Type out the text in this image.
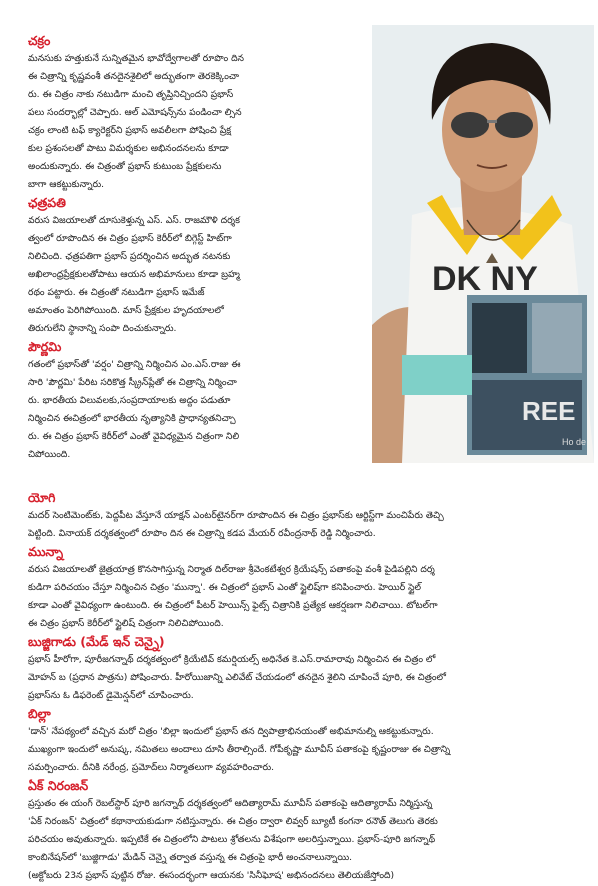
DK NY
REE
Ho de
చక్రం
మనసుకు హత్తుకునే సున్నితమైన భావోద్వేగాలతో రూపొం దిన
ఈ చిత్రాన్ని కృష్ణవంశీ తనదైనశైలిలో అద్భుతంగా తెరకెక్కించా
రు. ఈ చిత్రం నాకు నటుడిగా మంచి తృప్తినిచ్చిందని ప్రభాస్
పలు సందర్భాల్లో చెప్పారు. ఆల్ ఎమోషన్స్‌ను పండించా ల్సిన
చక్రం లాంటి టఫ్ క్యారెక్టర్‌ని ప్రభాస్ అవలీలగా పోషించి ప్రేక్ష
కుల ప్రశంసలతో పాటు విమర్శకుల అభినందనలను కూడా
అందుకున్నారు. ఈ చిత్రంతో ప్రభాస్ కుటుంబ ప్రేక్షకులను
బాగా ఆకట్టుకున్నారు.
ఛత్రపతి
వరుస విజయాలతో దూసుకెళ్తున్న ఎస్. ఎస్. రాజమౌళి దర్శక
త్వంలో రూపొందిన ఈ చిత్రం ప్రభాస్ కెరీర్‌లో బిగ్గెస్ట్ హిట్‌గా
నిలిచింది. ఛత్రపతిగా ప్రభాస్ ప్రదర్శించిన అద్భుత నటనకు
అఖిలాంధ్రప్రేక్షకులతోపాటు ఆయన అభిమానులు కూడా బ్రహ్మ
రథం పట్టారు. ఈ చిత్రంతో నటుడిగా ప్రభాస్ ఇమేజ్
అమాంతం పెరిగిపోయింది. మాస్ ప్రేక్షకుల హృదయాలలో
తిరుగులేని స్థానాన్ని సంపా దించుకున్నారు.
పౌర్ణమి
గతంలో ప్రభాస్‌తో 'వర్షం' చిత్రాన్ని నిర్మించిన ఎం.ఎస్.రాజు ఈ
సారి 'పౌర్ణమి' పేరిట సరికొత్త స్క్రీన్‌ప్లేతో ఈ చిత్రాన్ని నిర్మించా
రు. భారతీయ విలువలకు,సంప్రదాయాలకు అద్దం పడుతూ
నిర్మించిన ఈచిత్రంలో భారతీయ నృత్యానికి ప్రాధాన్యతనిచ్చా
రు. ఈ చిత్రం ప్రభాస్ కెరీర్‌లో ఎంతో వైవిధ్యమైన చిత్రంగా నిలి
చిపోయింది.
యోగి
మదర్ సెంటిమెంట్‌కు, పెద్దపీట వేస్తూనే యాక్షన్ ఎంటర్‌టైనర్‌గా రూపొందిన ఈ చిత్రం ప్రభాస్‌కు ఆర్టిస్ట్‌గా మంచిపేరు తెచ్చి
పెట్టింది. వినాయక్ దర్శకత్వంలో రూపొం దిన ఈ చిత్రాన్ని కడప మేయర్ రవీంద్రనాథ్ రెడ్డి నిర్మించారు.
మున్నా
వరుస విజయాలతో జైత్రయాత్ర కొనసాగిస్తున్న నిర్మాత దిల్‌రాజు శ్రీవెంకటేశ్వర క్రియేషన్స్ పతాకంపై వంశీ పైడిపల్లిని దర్శ
కుడిగా పరిచయం చేస్తూ నిర్మించిన చిత్రం 'మున్నా'. ఈ చిత్రంలో ప్రభాస్ ఎంతో స్టైలిష్‌గా కనిపించారు. హెయిర్ స్టైల్
కూడా ఎంతో వైవిధ్యంగా ఉంటుంది. ఈ చిత్రంలో పీటర్ హెయిన్స్ ఫైట్స్ చిత్రానికి ప్రత్యేక ఆకర్షణగా నిలిచాయి. టోటల్‌గా
ఈ చిత్రం ప్రభాస్ కెరీర్‌లో స్టైలిష్ చిత్రంగా నిలిచిపోయింది.
బుజ్జిగాడు (మేడ్ ఇన్ చెన్నై)
ప్రభాస్ హీరోగా, పూరీజగన్నాథ్ దర్శకత్వంలో క్రియేటివ్ కమర్షియల్స్ అధినేత కె.ఎస్.రామారావు నిర్మించిన ఈ చిత్రం లో
మోహన్ బ (ప్రధాన పాత్రను) పోషించారు. హీరోయిజాన్ని ఎలివేట్ చేయడంలో తనదైన శైలిని చూపించే పూరి, ఈ చిత్రంలో
ప్రభాస్‌ను ఓ డిఫరెంట్ డైమెన్షన్‌లో చూపించారు.
బిల్లా
'డాన్' నేపథ్యంలో వచ్చిన మరో చిత్రం 'బిల్లా ఇందులో ప్రభాస్ తన ద్విపాత్రాభినయంతో అభిమానుల్ని ఆకట్టుకున్నారు.
ముఖ్యంగా ఇందులో అనుష్క, నమితలు అందాలు దూసి తీరాల్సిందే. గోపీకృష్ణా మూవీస్ పతాకంపై కృష్ణంరాజు ఈ చిత్రాన్ని
సమర్పించారు. దీనికి నరేంద్ర, ప్రమోద్‌లు నిర్మాతలుగా వ్యవహరించారు.
ఏక్ నిరంజన్
ప్రస్తుతం ఈ యంగ్ రెబల్‌స్టార్ పూరి జగన్నాథ్ దర్శకత్వంలో ఆదిత్యారామ్ మూవీస్ పతాకంపై ఆదిత్యారామ్ నిర్మిస్తున్న
'ఏక్ నిరంజన్' చిత్రంలో కథానాయకుడుగా నటిస్తున్నారు. ఈ చిత్రం ద్వారా లివ్వర్ బ్యూటీ కంగనా రనౌత్ తెలుగు తెరకు
పరిచయం అవుతున్నారు. ఇప్పటికే ఈ చిత్రంలోని పాటలు శ్రోతలను విశేషంగా అలరిస్తున్నాయి. ప్రభాస్-పూరి జగన్నాథ్
కాంబినేషన్‌లో 'బుజ్జిగాడు' మేడిన్ చెన్నై తర్వాత వస్తున్న ఈ చిత్రంపై భారీ అంచనాలున్నాయి.
(అక్టోబరు 23న ప్రభాస్ పుట్టిన రోజు. ఈసందర్భంగా ఆయనకు 'సినీఘోష' అభినందనలు తెలియజేస్తోంది)
